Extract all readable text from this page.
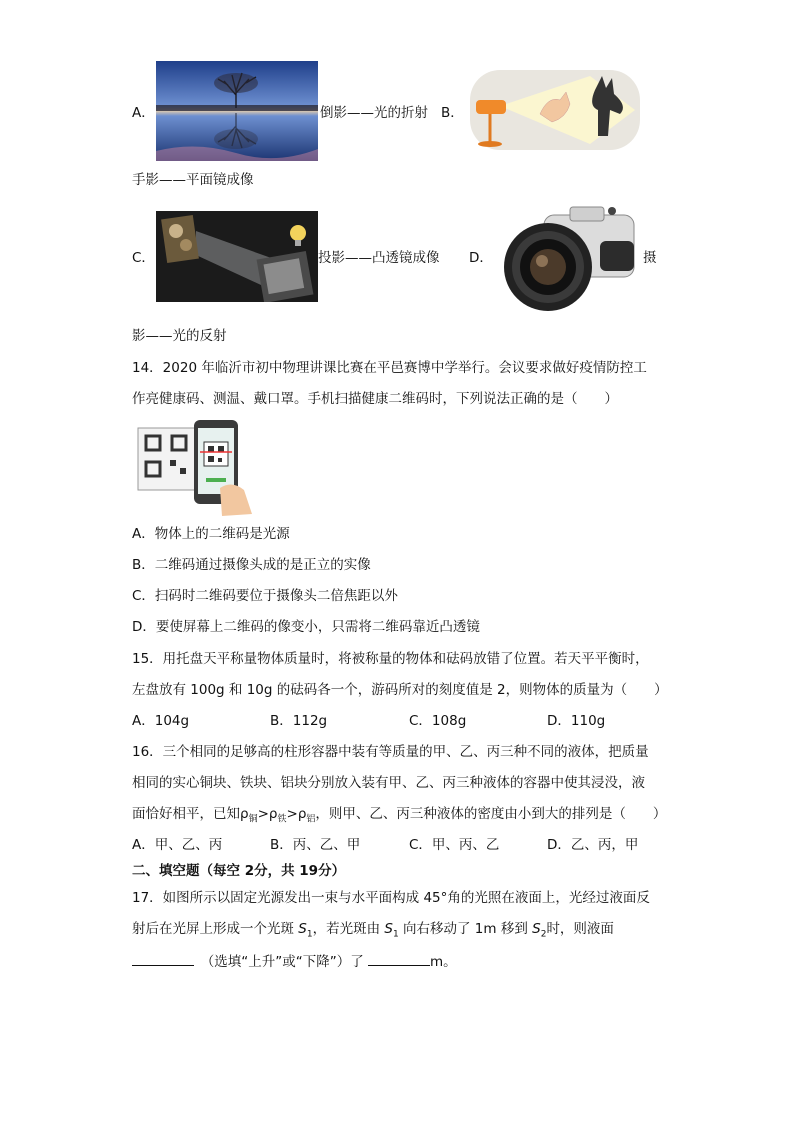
A．	倒影——光的折射 B．
手影——平面镜成像
C．	投影——凸透镜成像 D．	摄
影——光的反射
14．2020 年临沂市初中物理讲课比赛在平邑赛博中学举行。会议要求做好疫情防控工
作亮健康码、测温、戴口罩。手机扫描健康二维码时，下列说法正确的是（　　）
A．物体上的二维码是光源
B．二维码通过摄像头成的是正立的实像
C．扫码时二维码要位于摄像头二倍焦距以外
D．要使屏幕上二维码的像变小，只需将二维码靠近凸透镜
15．用托盘天平称量物体质量时，将被称量的物体和砝码放错了位置。若天平平衡时，
左盘放有 100g 和 10g 的砝码各一个，游码所对的刻度值是 2，则物体的质量为（　　）
A．104g	B．112g	C．108g	D．110g
16．三个相同的足够高的柱形容器中装有等质量的甲、乙、丙三种不同的液体，把质量
相同的实心铜块、铁块、铝块分别放入装有甲、乙、丙三种液体的容器中使其浸没，液
面恰好相平，已知$\rho_铜>\rho_铁>\rho_铝$，则甲、乙、丙三种液体的密度由小到大的排列是（　　）
A．甲、乙、丙	B．丙、乙、甲	C．甲、丙、乙	D．乙、丙，甲
二、填空题（每空 2分，共 19分）
17．如图所示以固定光源发出一束与水平面构成 45°角的光照在液面上，光经过液面反
射后在光屏上形成一个光斑 $S_1$，若光斑由 $S_1$ 向右移动了 1m 移到 $S_2$时，则液面
　（选填“上升”或“下降”）了	m。
